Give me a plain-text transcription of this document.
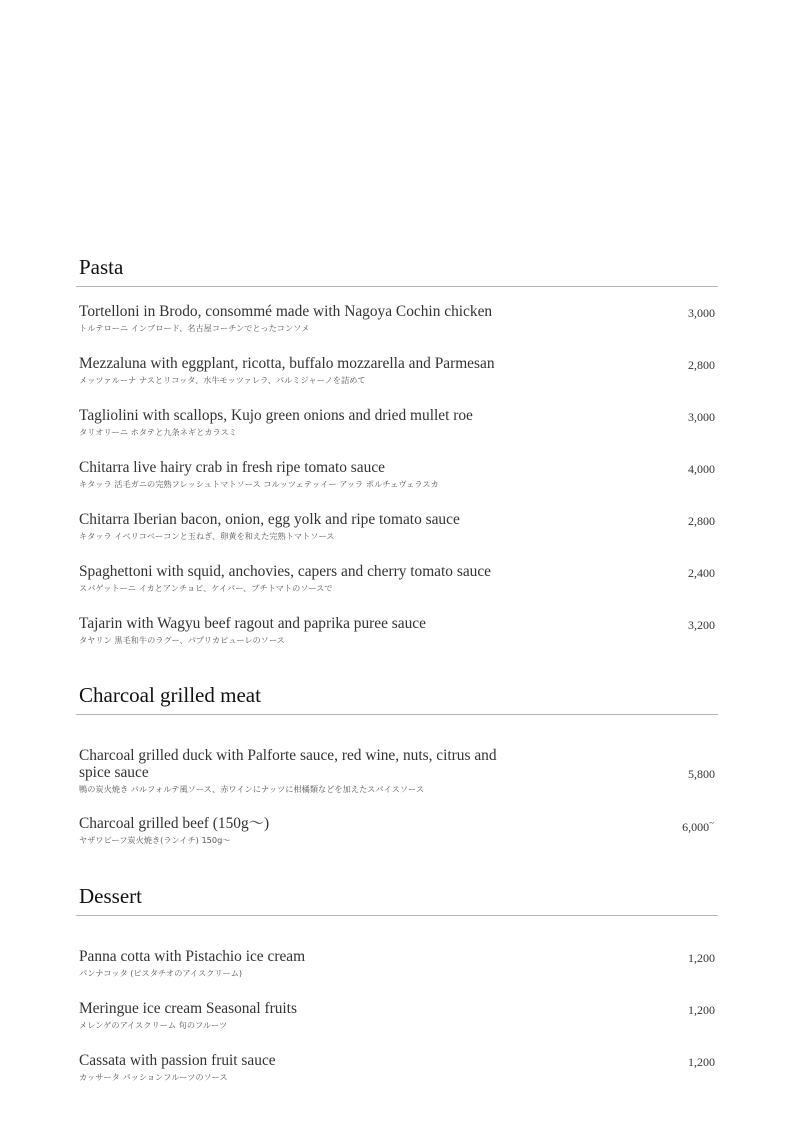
Pasta
Tortelloni in Brodo, consommé made with Nagoya Cochin chicken
トルテローニ インブロード、名古屋コーチンでとったコンソメ
3,000
Mezzaluna with eggplant, ricotta, buffalo mozzarella and Parmesan
メッツァルーナ ナスとリコッタ、水牛モッツァレラ、パルミジャーノを詰めて
2,800
Tagliolini with scallops, Kujo green onions and dried mullet roe
タリオリーニ ホタテと九条ネギとカラスミ
3,000
Chitarra live hairy crab in fresh ripe tomato sauce
キタッラ 活毛ガニの完熟フレッシュトマトソース コルッツェテッイー アッラ ポルチェヴェラスカ
4,000
Chitarra Iberian bacon, onion, egg yolk and ripe tomato sauce
キタッラ イベリコベーコンと玉ねぎ、卵黄を和えた完熟トマトソース
2,800
Spaghettoni with squid, anchovies, capers and cherry tomato sauce
スパゲットーニ イカとアンチョビ、ケイパー、プチトマトのソースで
2,400
Tajarin with Wagyu beef ragout and paprika puree sauce
タヤリン 黒毛和牛のラグー、パプリカピューレのソース
3,200
Charcoal grilled meat
Charcoal grilled duck with Palforte sauce, red wine, nuts, citrus and spice sauce
鴨の炭火焼き パルフォルテ風ソース、赤ワインにナッツに柑橘類などを加えたスパイスソース
5,800
Charcoal grilled beef (150g〜)
ヤザワビーフ炭火焼き(ランイチ) 150g〜
6,000~
Dessert
Panna cotta with Pistachio ice cream
パンナコッタ (ピスタチオのアイスクリーム)
1,200
Meringue ice cream Seasonal fruits
メレンゲのアイスクリーム 旬のフルーツ
1,200
Cassata with passion fruit sauce
カッサータ パッションフルーツのソース
1,200
